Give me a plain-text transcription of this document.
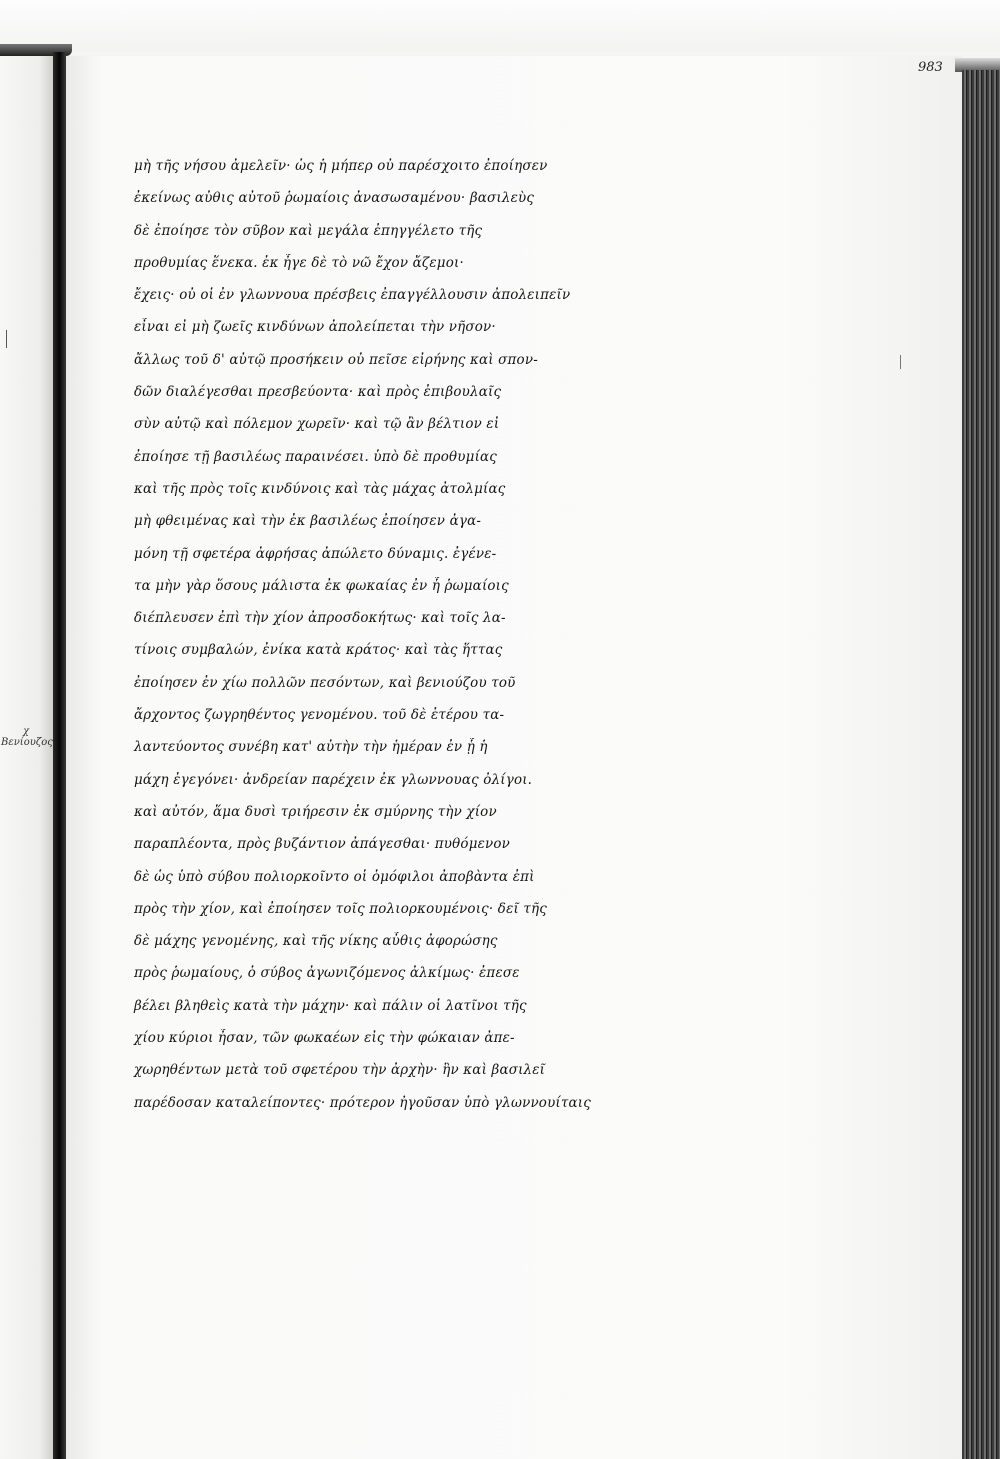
χ Βενίουζος
983
μὴ τῆς νήσου ἀμελεῖν· ὡς ἡ μήπερ οὐ παρέσχοιτο ἐποίησεν
ἐκείνως αὐθις αὐτοῦ ῥωμαίοις ἀνασωσαμένου· βασιλεὺς
δὲ ἐποίησε τὸν σῦβον καὶ μεγάλα ἐπηγγέλετο τῆς
προθυμίας ἕνεκα. ἐκ ἦγε δὲ τὸ νῶ ἔχον ἄζεμοι·
ἔχεις· οὐ οἱ ἐν γλωννουα πρέσβεις ἐπαγγέλλουσιν ἀπολειπεῖν
εἶναι εἰ μὴ ζωεῖς κινδύνων ἀπολείπεται τὴν νῆσον·
ἄλλως τοῦ δ' αὐτῷ προσήκειν οὐ πεῖσε εἰρήνης καὶ σπον-
δῶν διαλέγεσθαι πρεσβεύοντα· καὶ πρὸς ἐπιβουλαῖς
σὺν αὐτῷ καὶ πόλεμον χωρεῖν· καὶ τῷ ἂν βέλτιον εἰ
ἐποίησε τῇ βασιλέως παραινέσει. ὑπὸ δὲ προθυμίας
καὶ τῆς πρὸς τοῖς κινδύνοις καὶ τὰς μάχας ἀτολμίας
μὴ φθειμένας καὶ τὴν ἐκ βασιλέως ἐποίησεν ἀγα-
μόνη τῇ σφετέρα ἀφρήσας ἀπώλετο δύναμις. ἐγένε-
τα μὴν γὰρ ὅσους μάλιστα ἐκ φωκαίας ἐν ἧ ῥωμαίοις
διέπλευσεν ἐπὶ τὴν χίον ἀπροσδοκήτως· καὶ τοῖς λα-
τίνοις συμβαλών, ἐνίκα κατὰ κράτος· καὶ τὰς ἥττας
ἐποίησεν ἐν χίω πολλῶν πεσόντων, καὶ βενιούζου τοῦ
ἄρχοντος ζωγρηθέντος γενομένου. τοῦ δὲ ἑτέρου τα-
λαντεύοντος συνέβη κατ' αὐτὴν τὴν ἡμέραν ἐν ᾗ ἡ
μάχη ἐγεγόνει· ἀνδρείαν παρέχειν ἐκ γλωννουας ὀλίγοι.
καὶ αὐτόν, ἅμα δυσὶ τριήρεσιν ἐκ σμύρνης τὴν χίον
παραπλέοντα, πρὸς βυζάντιον ἀπάγεσθαι· πυθόμενον
δὲ ὡς ὑπὸ σύβου πολιορκοῖντο οἱ ὁμόφιλοι ἀποβὰντα ἐπὶ
πρὸς τὴν χίον, καὶ ἐποίησεν τοῖς πολιορκουμένοις· δεῖ τῆς
δὲ μάχης γενομένης, καὶ τῆς νίκης αὖθις ἀφορώσης
πρὸς ῥωμαίους, ὁ σύβος ἀγωνιζόμενος ἀλκίμως· ἐπεσε
βέλει βληθεὶς κατὰ τὴν μάχην· καὶ πάλιν οἱ λατῖνοι τῆς
χίου κύριοι ἦσαν, τῶν φωκαέων εἰς τὴν φώκαιαν ἀπε-
χωρηθέντων μετὰ τοῦ σφετέρου τὴν ἀρχὴν· ἣν καὶ βασιλεῖ
παρέδοσαν καταλείποντες· πρότερον ἠγοῦσαν ὑπὸ γλωννουίταις
